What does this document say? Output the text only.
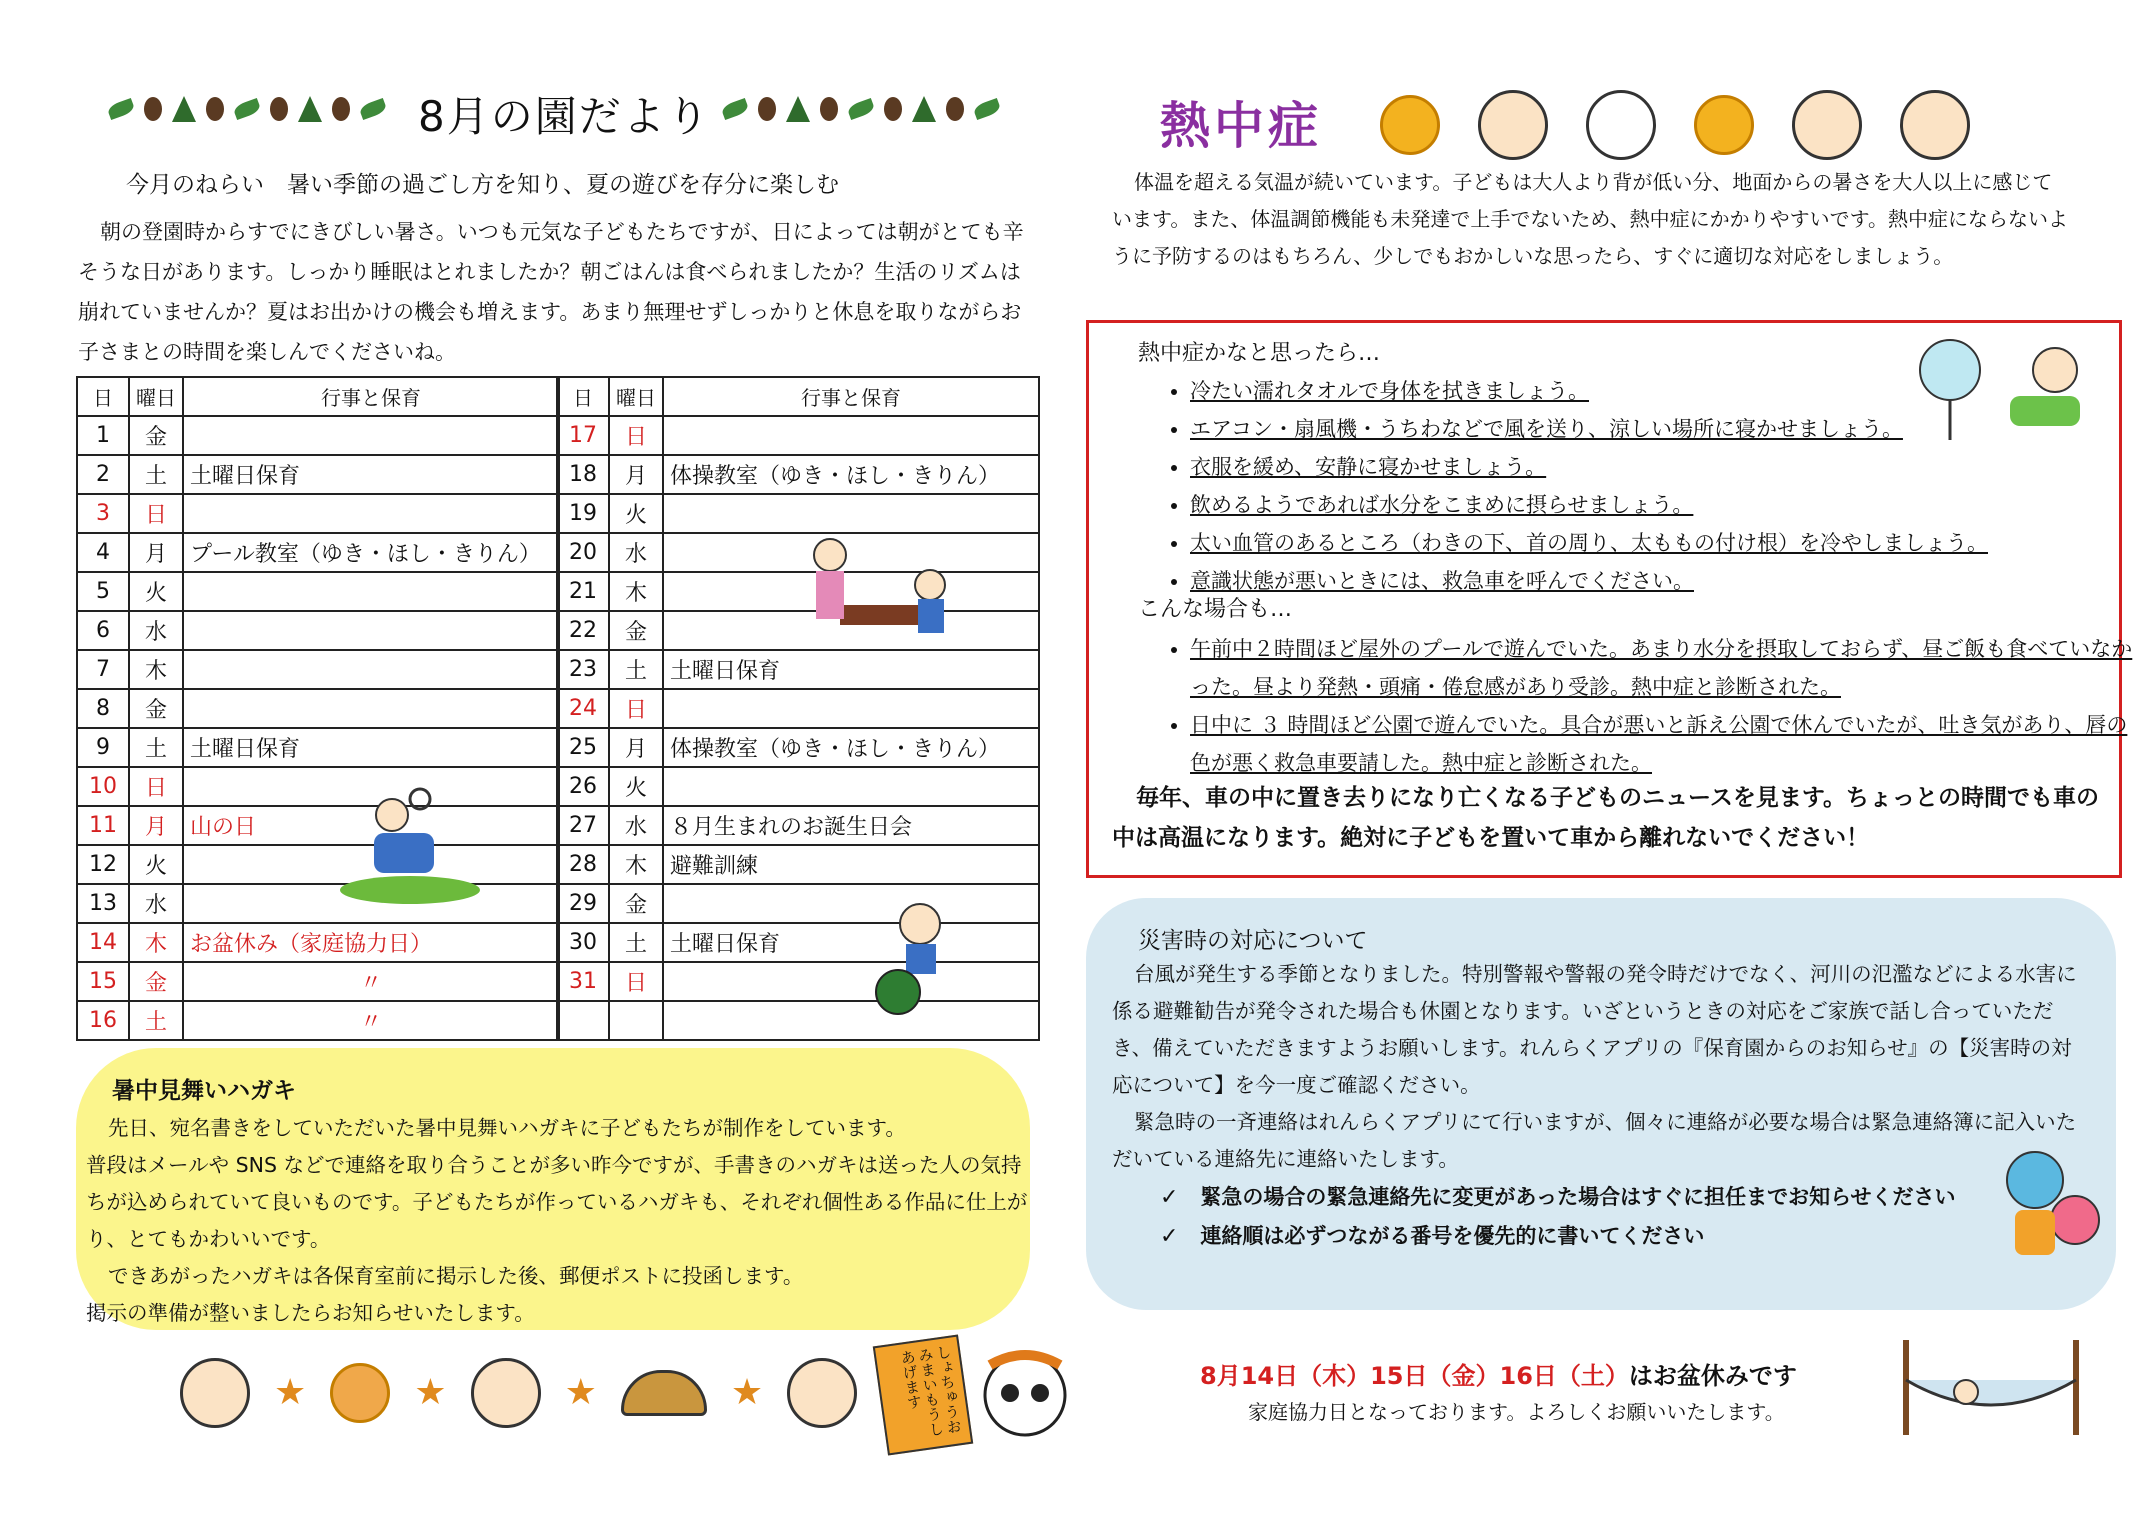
8月の園だより
今月のねらい　暑い季節の過ごし方を知り、夏の遊びを存分に楽しむ
朝の登園時からすでにきびしい暑さ。いつも元気な子どもたちですが、日によっては朝がとても辛そうな日があります。しっかり睡眠はとれましたか？朝ごはんは食べられましたか？生活のリズムは崩れていませんか？夏はお出かけの機会も増えます。あまり無理せずしっかりと休息を取りながらお子さまとの時間を楽しんでくださいね。
日	曜日	行事と保育
1	金	
2	土	土曜日保育
3	日	
4	月	プール教室（ゆき・ほし・きりん）
5	火	
6	水	
7	木	
8	金	
9	土	土曜日保育
10	日	
11	月	山の日
12	火	
13	水	
14	木	お盆休み（家庭協力日）
15	金	〃
16	土	〃
日	曜日	行事と保育
17	日	
18	月	体操教室（ゆき・ほし・きりん）
19	火	
20	水	
21	木	
22	金	
23	土	土曜日保育
24	日	
25	月	体操教室（ゆき・ほし・きりん）
26	火	
27	水	８月生まれのお誕生日会
28	木	避難訓練
29	金	
30	土	土曜日保育
31	日	

暑中見舞いハガキ

先日、宛名書きをしていただいた暑中見舞いハガキに子どもたちが制作をしています。

普段はメールや SNS などで連絡を取り合うことが多い昨今ですが、手書きのハガキは送った人の気持ちが込められていて良いものです。子どもたちが作っているハガキも、それぞれ個性ある作品に仕上がり、とてもかわいいです。

できあがったハガキは各保育室前に掲示した後、郵便ポストに投函します。

掲示の準備が整いましたらお知らせいたします。

★	★	★	★	しょちゅうおみまいもうしあげます
熱中症
体温を超える気温が続いています。子どもは大人より背が低い分、地面からの暑さを大人以上に感じています。また、体温調節機能も未発達で上手でないため、熱中症にかかりやすいです。熱中症にならないように予防するのはもちろん、少しでもおかしいな思ったら、すぐに適切な対応をしましょう。
熱中症かなと思ったら…
• 冷たい濡れタオルで身体を拭きましょう。
• エアコン・扇風機・うちわなどで風を送り、涼しい場所に寝かせましょう。
• 衣服を緩め、安静に寝かせましょう。
• 飲めるようであれば水分をこまめに摂らせましょう。
• 太い血管のあるところ（わきの下、首の周り、太ももの付け根）を冷やしましょう。
• 意識状態が悪いときには、救急車を呼んでください。
こんな場合も…
• 午前中２時間ほど屋外のプールで遊んでいた。あまり水分を摂取しておらず、昼ご飯も食べていなかった。昼より発熱・頭痛・倦怠感があり受診。熱中症と診断された。
• 日中に ３ 時間ほど公園で遊んでいた。具合が悪いと訴え公園で休んでいたが、吐き気があり、唇の色が悪く救急車要請した。熱中症と診断された。
毎年、車の中に置き去りになり亡くなる子どものニュースを見ます。ちょっとの時間でも車の中は高温になります。絶対に子どもを置いて車から離れないでください！
災害時の対応について

台風が発生する季節となりました。特別警報や警報の発令時だけでなく、河川の氾濫などによる水害に係る避難勧告が発令された場合も休園となります。いざというときの対応をご家族で話し合っていただき、備えていただきますようお願いします。れんらくアプリの『保育園からのお知らせ』の【災害時の対応について】を今一度ご確認ください。

緊急時の一斉連絡はれんらくアプリにて行いますが、個々に連絡が必要な場合は緊急連絡簿に記入いただいている連絡先に連絡いたします。

✓ 緊急の場合の緊急連絡先に変更があった場合はすぐに担任までお知らせください
✓ 連絡順は必ずつながる番号を優先的に書いてください
8月14日（木）15日（金）16日（土）はお盆休みです
家庭協力日となっております。よろしくお願いいたします。
